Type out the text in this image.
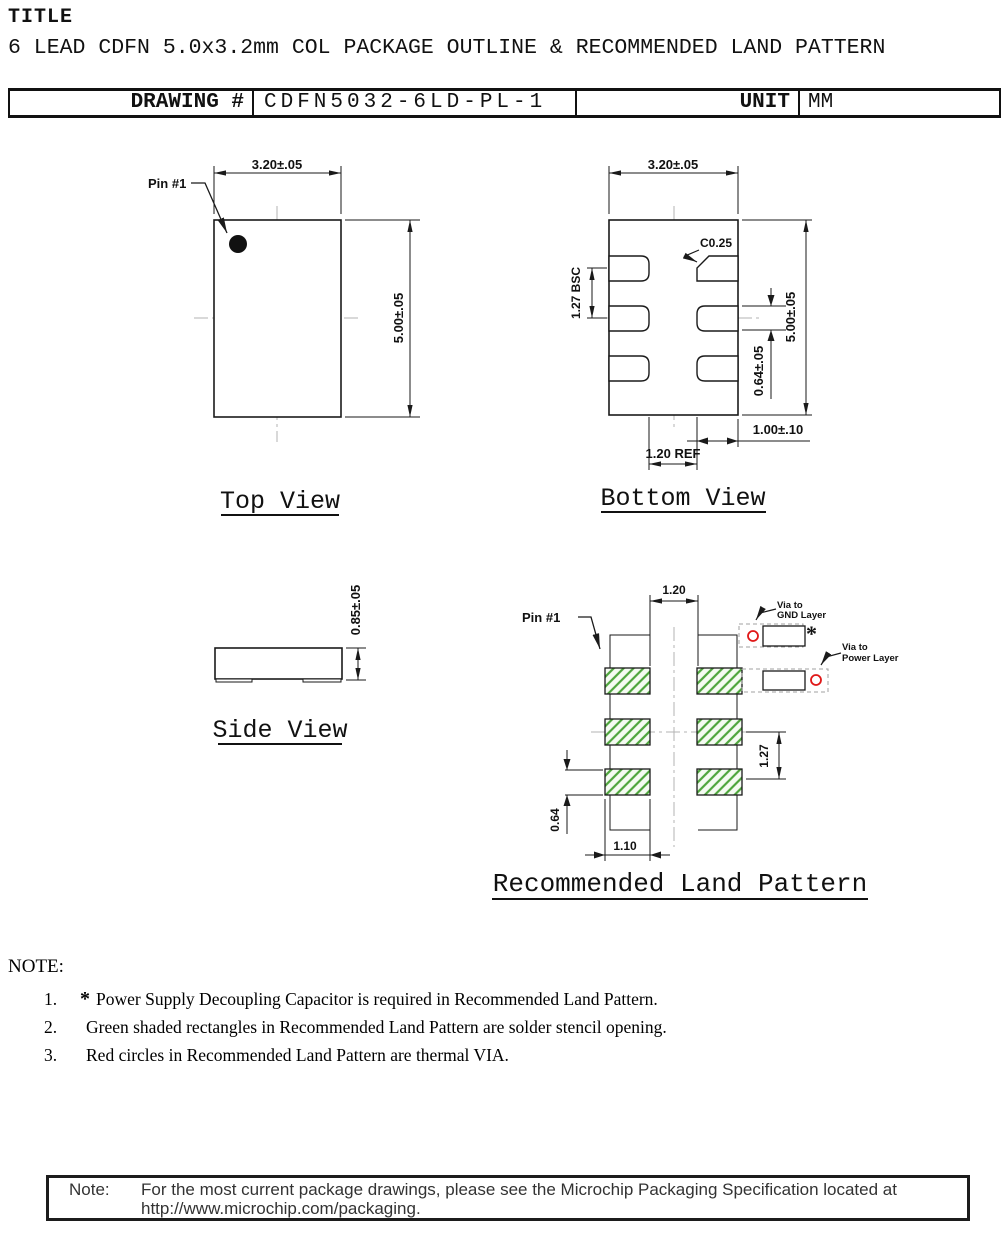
TITLE
6 LEAD CDFN 5.0x3.2mm COL PACKAGE OUTLINE & RECOMMENDED LAND PATTERN
DRAWING # CDFN5032-6LD-PL-1	UNIT MM
Pin #1
3.20±.05
5.00±.05
Top View
C0.25
3.20±.05
1.27 BSC	5.00±.05
0.64±.05
1.00±.10
1.20 REF
Bottom View
0.85±.05
Side View
1.20
Pin #1
*
Via to
GND Layer
Via to
Power Layer
1.27
0.64
1.10
Recommended Land Pattern
NOTE:
1.	* Power Supply Decoupling Capacitor is required in Recommended Land Pattern.
2.	Green shaded rectangles in Recommended Land Pattern are solder stencil opening.
3.	Red circles in Recommended Land Pattern are thermal VIA.
Note:	For the most current package drawings, please see the Microchip Packaging Specification located at
http://www.microchip.com/packaging.
